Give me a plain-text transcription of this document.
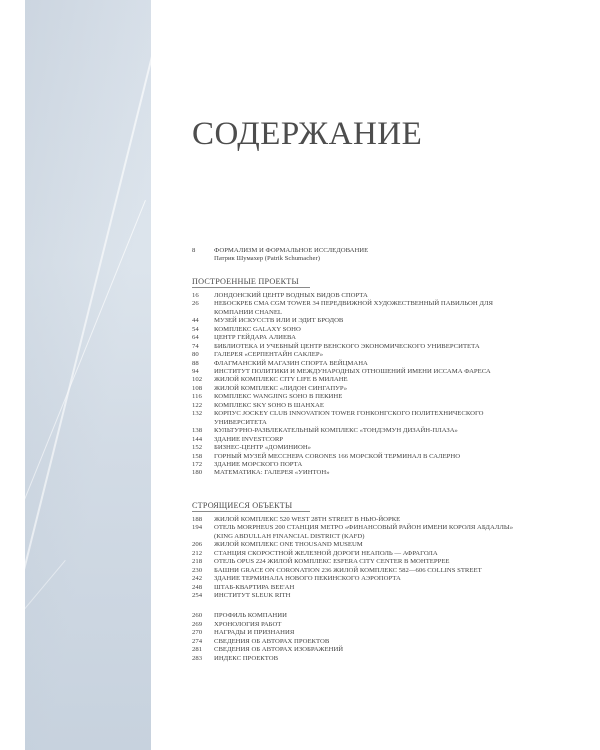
СОДЕРЖАНИЕ
8	ФОРМАЛИЗМ И ФОРМАЛЬНОЕ ИССЛЕДОВАНИЕ
Патрик Шумахер (Patrik Schumacher)
ПОСТРОЕННЫЕ ПРОЕКТЫ
16	ЛОНДОНСКИЙ ЦЕНТР ВОДНЫХ ВИДОВ СПОРТА
26	НЕБОСКРЕБ CMA CGM TOWER 34 ПЕРЕДВИЖНОЙ ХУДОЖЕСТВЕННЫЙ ПАВИЛЬОН ДЛЯ КОМПАНИИ CHANEL
44	МУЗЕЙ ИСКУССТВ ИЛИ И ЭДИТ БРОДОВ
54	КОМПЛЕКС GALAXY SOHO
64	ЦЕНТР ГЕЙДАРА АЛИЕВА
74	БИБЛИОТЕКА И УЧЕБНЫЙ ЦЕНТР ВЕНСКОГО ЭКОНОМИЧЕСКОГО УНИВЕРСИТЕТА
80	ГАЛЕРЕЯ «СЕРПЕНТАЙН САКЛЕР»
88	ФЛАГМАНСКИЙ МАГАЗИН СПОРТА ВЕЙЦМАНА
94	ИНСТИТУТ ПОЛИТИКИ И МЕЖДУНАРОДНЫХ ОТНОШЕНИЙ ИМЕНИ ИССАМА ФАРЕСА
102	ЖИЛОЙ КОМПЛЕКС CITY LIFE В МИЛАНЕ
108	ЖИЛОЙ КОМПЛЕКС «ЛИДОН СИНГАПУР»
116	КОМПЛЕКС WANGJING SOHO В ПЕКИНЕ
122	КОМПЛЕКС SKY SOHO В ШАНХАЕ
132	КОРПУС JOCKEY CLUB INNOVATION TOWER ГОНКОНГСКОГО ПОЛИТЕХНИЧЕСКОГО УНИВЕРСИТЕТА
138	КУЛЬТУРНО-РАЗВЛЕКАТЕЛЬНЫЙ КОМПЛЕКС «ТОНДЭМУН ДИЗАЙН-ПЛАЗА»
144	ЗДАНИЕ INVESTCORP
152	БИЗНЕС-ЦЕНТР «ДОМИНИОН»
158	ГОРНЫЙ МУЗЕЙ МЕССНЕРА CORONES 166 МОРСКОЙ ТЕРМИНАЛ В САЛЕРНО
172	ЗДАНИЕ МОРСКОГО ПОРТА
180	МАТЕМАТИКА: ГАЛЕРЕЯ «УИНТОН»
СТРОЯЩИЕСЯ ОБЪЕКТЫ
188	ЖИЛОЙ КОМПЛЕКС 520 WEST 28TH STREET В НЬЮ-ЙОРКЕ
194	ОТЕЛЬ MORPHEUS 200 СТАНЦИЯ МЕТРО «ФИНАНСОВЫЙ РАЙОН ИМЕНИ КОРОЛЯ АБДАЛЛЫ»
(KING ABDULLAH FINANCIAL DISTRICT (KAFD)
206	ЖИЛОЙ КОМПЛЕКС ONE THOUSAND MUSEUM
212	СТАНЦИЯ СКОРОСТНОЙ ЖЕЛЕЗНОЙ ДОРОГИ НЕАПОЛЬ — АФРАГОЛА
218	ОТЕЛЬ OPUS 224 ЖИЛОЙ КОМПЛЕКС ESFERA CITY CENTER В МОНТЕРРЕЕ
230	БАШНИ GRACE ON CORONATION 236 ЖИЛОЙ КОМПЛЕКС 582—606 COLLINS STREET
242	ЗДАНИЕ ТЕРМИНАЛА НОВОГО ПЕКИНСКОГО АЭРОПОРТА
248	ШТАБ-КВАРТИРА ВЕЕ'АН
254	ИНСТИТУТ SLEUK RITH
260	ПРОФИЛЬ КОМПАНИИ
269	ХРОНОЛОГИЯ РАБОТ
270	НАГРАДЫ И ПРИЗНАНИЯ
274	СВЕДЕНИЯ ОБ АВТОРАХ ПРОЕКТОВ
281	СВЕДЕНИЯ ОБ АВТОРАХ ИЗОБРАЖЕНИЙ
283	ИНДЕКС ПРОЕКТОВ
